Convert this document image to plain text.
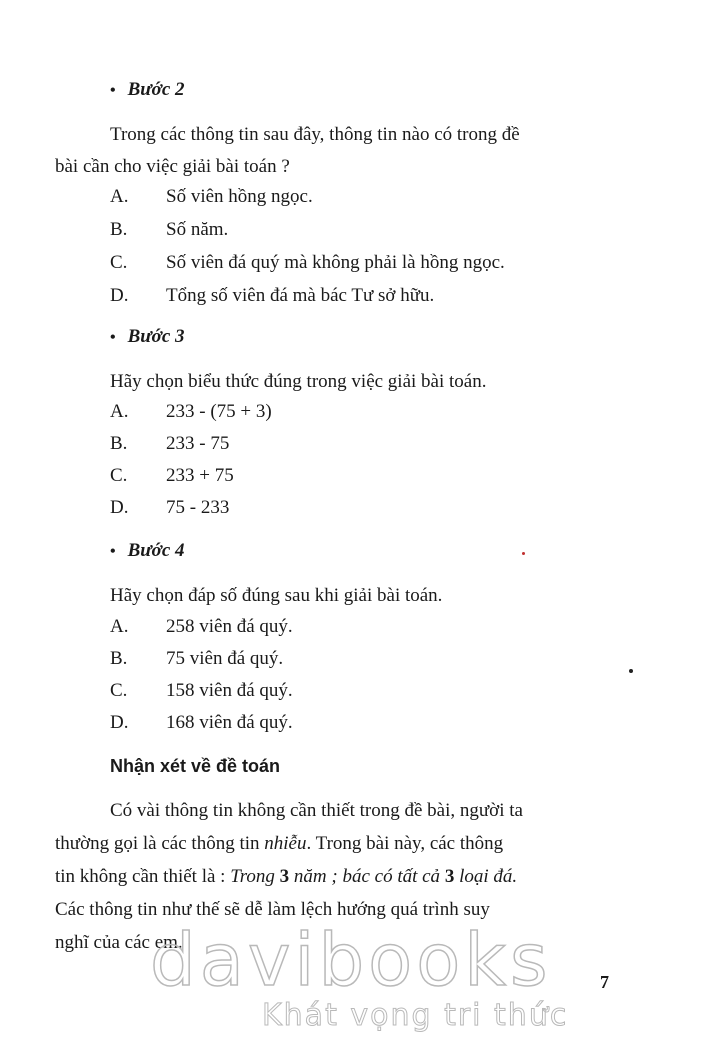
• Bước 2
Trong các thông tin sau đây, thông tin nào có trong đề
bài cần cho việc giải bài toán ?
A. Số viên hồng ngọc.
B. Số năm.
C. Số viên đá quý mà không phải là hồng ngọc.
D. Tổng số viên đá mà bác Tư sở hữu.
• Bước 3
Hãy chọn biểu thức đúng trong việc giải bài toán.
A. 233 - (75 + 3)
B. 233 - 75
C. 233 + 75
D. 75 - 233
• Bước 4
Hãy chọn đáp số đúng sau khi giải bài toán.
A. 258 viên đá quý.
B. 75 viên đá quý.
C. 158 viên đá quý.
D. 168 viên đá quý.
Nhận xét về đề toán
Có vài thông tin không cần thiết trong đề bài, người ta
thường gọi là các thông tin nhiễu. Trong bài này, các thông
tin không cần thiết là : Trong 3 năm ; bác có tất cả 3 loại đá.
Các thông tin như thế sẽ dễ làm lệch hướng quá trình suy
nghĩ của các em.
davibooks
Khát vọng tri thức
7
